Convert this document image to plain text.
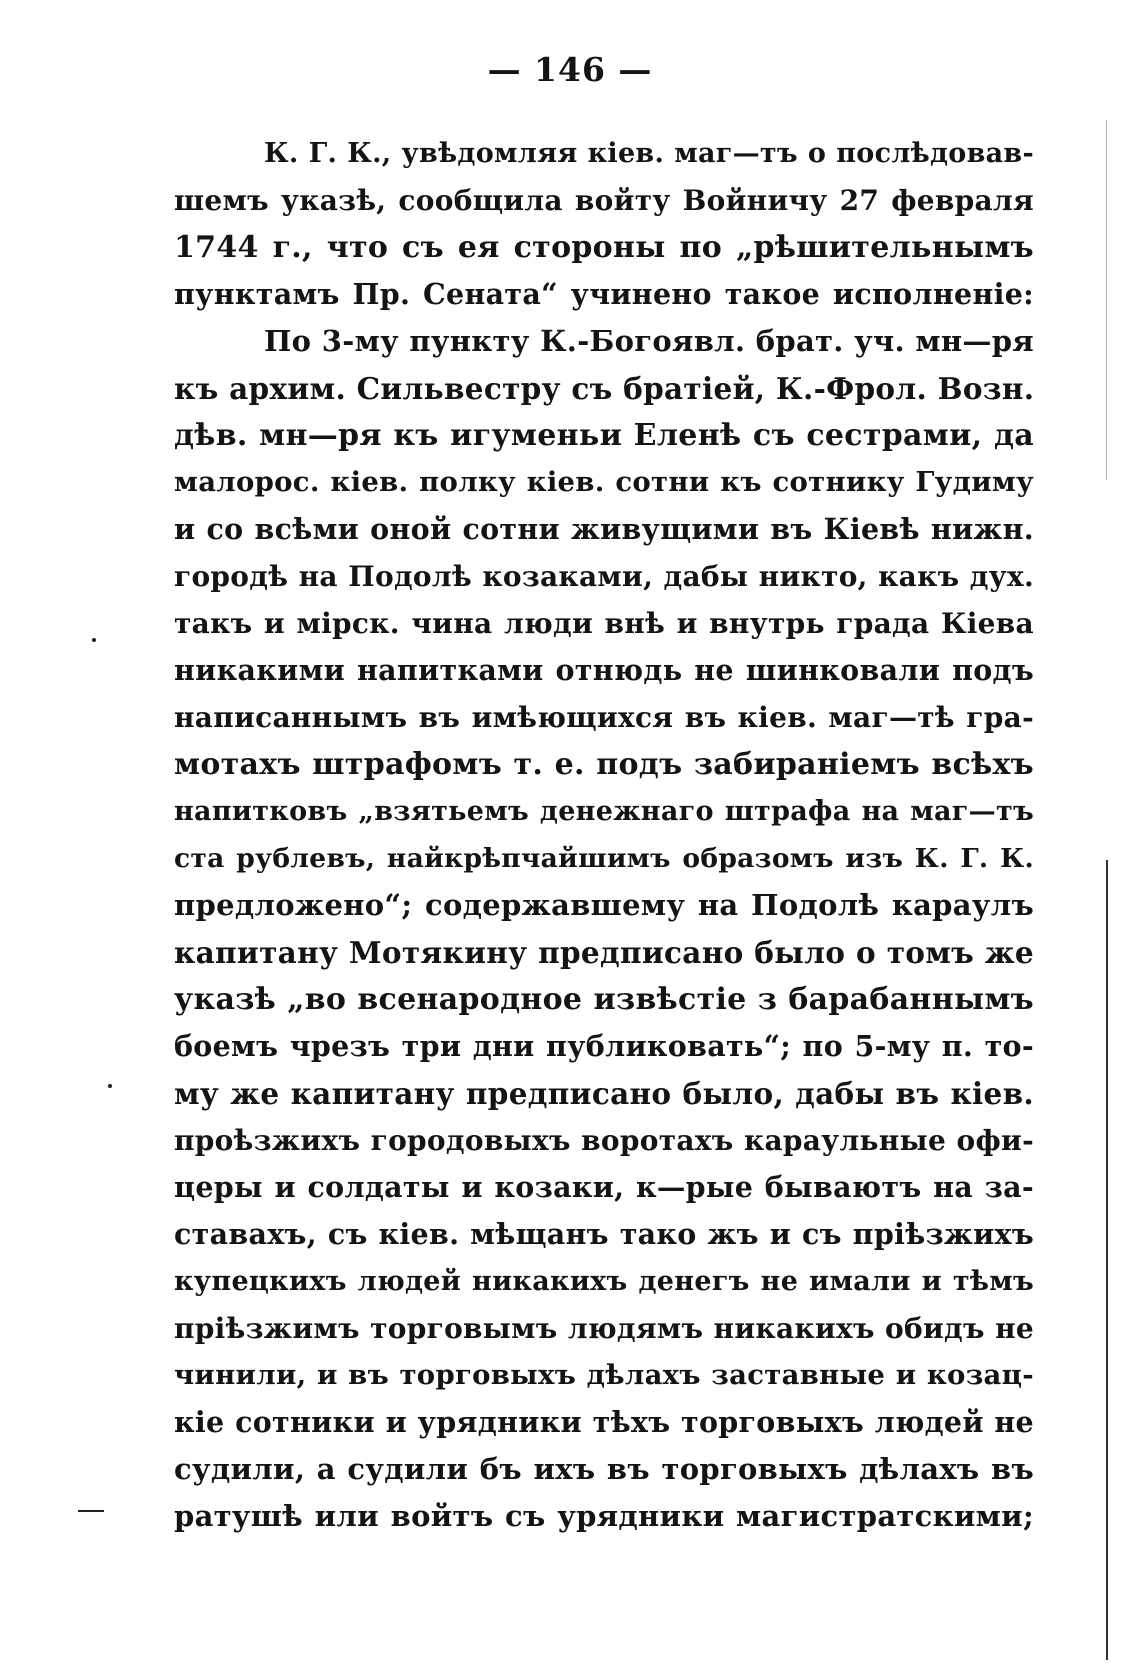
— 146 —
К. Г. К., увѣдомляя кіев. маг—тъ о послѣдовав-
шемъ указѣ, сообщила войту Войничу 27 февраля
1744 г., что съ ея стороны по „рѣшительнымъ
пунктамъ Пр. Сената“ учинено такое исполненіе:
По 3-му пункту К.-Богоявл. брат. уч. мн—ря
къ архим. Сильвестру съ братіей, К.-Фрол. Возн.
дѣв. мн—ря къ игуменьи Еленѣ съ сестрами, да
малорос. кіев. полку кіев. сотни къ сотнику Гудиму
и со всѣми оной сотни живущими въ Кіевѣ нижн.
городѣ на Подолѣ козаками, дабы никто, какъ дух.
такъ и мірск. чина люди внѣ и внутрь града Кіева
никакими напитками отнюдь не шинковали подъ
написаннымъ въ имѣющихся въ кіев. маг—тѣ гра-
мотахъ штрафомъ т. е. подъ забираніемъ всѣхъ
напитковъ „взятьемъ денежнаго штрафа на маг—тъ
ста рублевъ, найкрѣпчайшимъ образомъ изъ К. Г. К.
предложено“; содержавшему на Подолѣ караулъ
капитану Мотякину предписано было о томъ же
указѣ „во всенародное извѣстіе з барабаннымъ
боемъ чрезъ три дни публиковать“; по 5-му п. то-
му же капитану предписано было, дабы въ кіев.
проѣзжихъ городовыхъ воротахъ караульные офи-
церы и солдаты и козаки, к—рые бываютъ на за-
ставахъ, съ кіев. мѣщанъ тако жъ и съ пріѣзжихъ
купецкихъ людей никакихъ денегъ не имали и тѣмъ
пріѣзжимъ торговымъ людямъ никакихъ обидъ не
чинили, и въ торговыхъ дѣлахъ заставные и козац-
кіе сотники и урядники тѣхъ торговыхъ людей не
судили, а судили бъ ихъ въ торговыхъ дѣлахъ въ
ратушѣ или войтъ съ урядники магистратскими;
